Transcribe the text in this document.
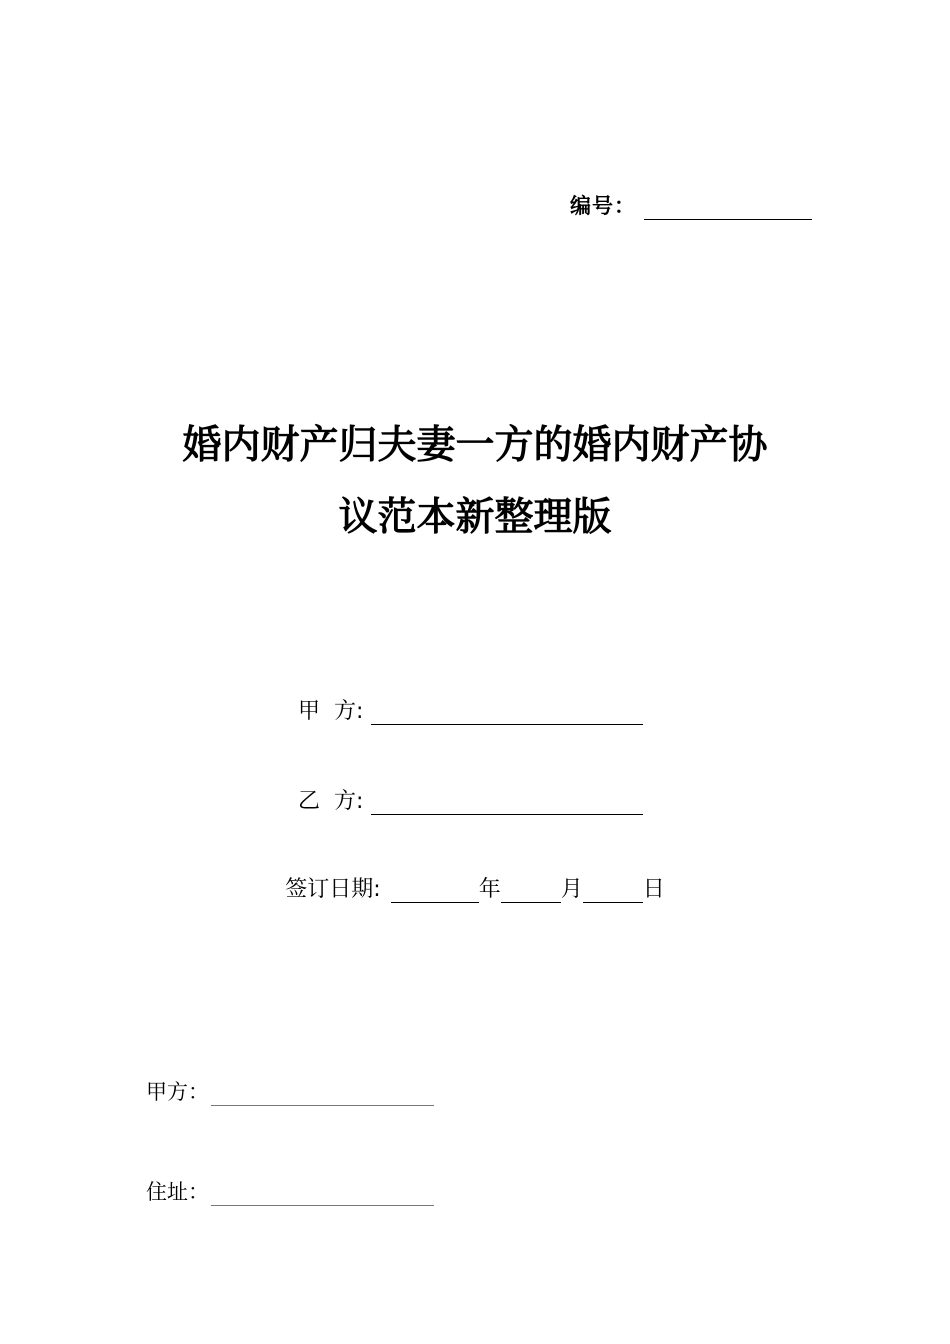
编号：
婚内财产归夫妻一方的婚内财产协
议范本新整理版
甲  方:
乙  方:
签订日期:	年	月	日
甲方：
住址：
